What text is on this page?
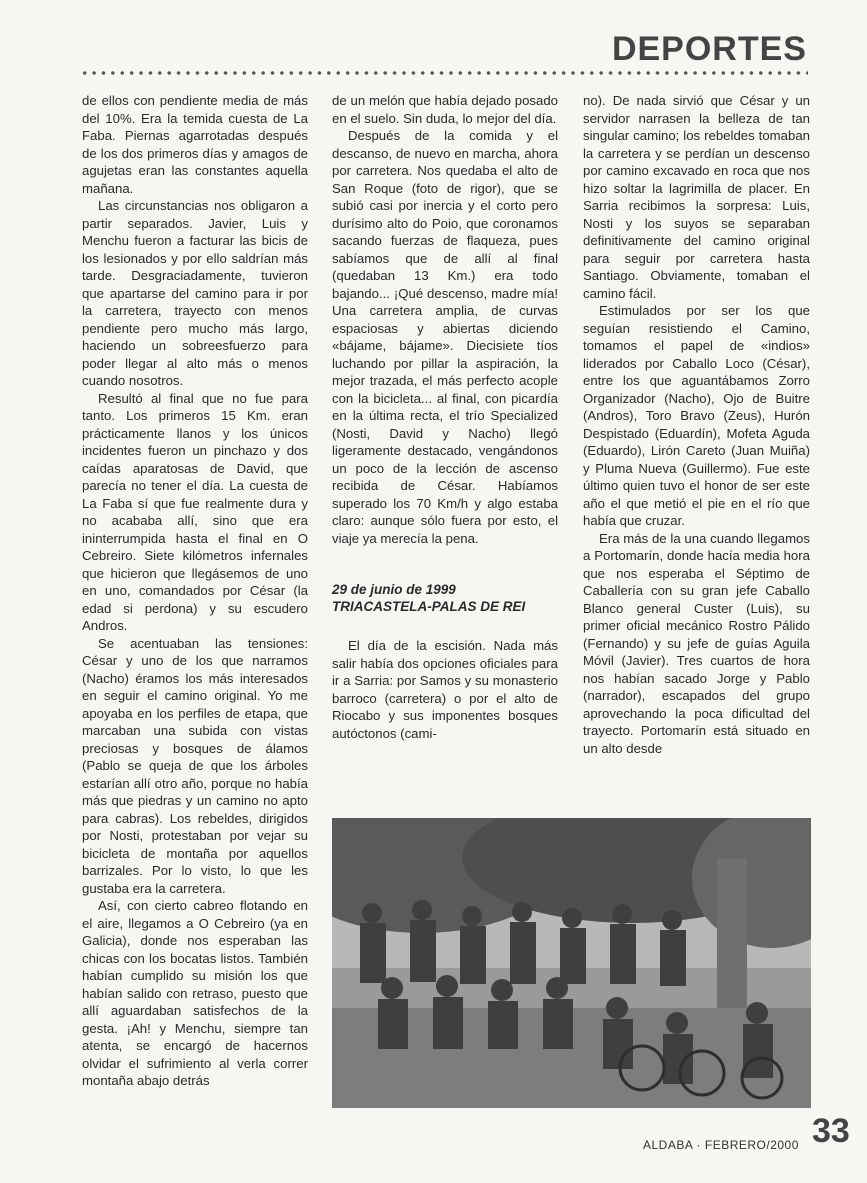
DEPORTES

de ellos con pendiente media de más del 10%. Era la temida cuesta de La Faba. Piernas agarrotadas después de los dos primeros días y amagos de agujetas eran las constantes aquella mañana.

Las circunstancias nos obligaron a partir separados. Javier, Luis y Menchu fueron a facturar las bicis de los lesionados y por ello saldrían más tarde. Desgraciadamente, tuvieron que apartarse del camino para ir por la carretera, trayecto con menos pendiente pero mucho más largo, haciendo un sobreesfuerzo para poder llegar al alto más o menos cuando nosotros.

Resultó al final que no fue para tanto. Los primeros 15 Km. eran prácticamente llanos y los únicos incidentes fueron un pinchazo y dos caídas aparatosas de David, que parecía no tener el día. La cuesta de La Faba sí que fue realmente dura y no acababa allí, sino que era ininterrumpida hasta el final en O Cebreiro. Siete kilómetros infernales que hicieron que llegásemos de uno en uno, comandados por César (la edad si perdona) y su escudero Andros.

Se acentuaban las tensiones: César y uno de los que narramos (Nacho) éramos los más interesados en seguir el camino original. Yo me apoyaba en los perfiles de etapa, que marcaban una subida con vistas preciosas y bosques de álamos (Pablo se queja de que los árboles estarían allí otro año, porque no había más que piedras y un camino no apto para cabras). Los rebeldes, dirigidos por Nosti, protestaban por vejar su bicicleta de montaña por aquellos barrizales. Por lo visto, lo que les gustaba era la carretera.

Así, con cierto cabreo flotando en el aire, llegamos a O Cebreiro (ya en Galicia), donde nos esperaban las chicas con los bocatas listos. También habían cumplido su misión los que habían salido con retraso, puesto que allí aguardaban satisfechos de la gesta. ¡Ah! y Menchu, siempre tan atenta, se encargó de hacernos olvidar el sufrimiento al verla correr montaña abajo detrás

de un melón que había dejado posado en el suelo. Sin duda, lo mejor del día.

Después de la comida y el descanso, de nuevo en marcha, ahora por carretera. Nos quedaba el alto de San Roque (foto de rigor), que se subió casi por inercia y el corto pero durísimo alto do Poio, que coronamos sacando fuerzas de flaqueza, pues sabíamos que de allí al final (quedaban 13 Km.) era todo bajando... ¡Qué descenso, madre mía! Una carretera amplia, de curvas espaciosas y abiertas diciendo «bájame, bájame». Diecisiete tíos luchando por pillar la aspiración, la mejor trazada, el más perfecto acople con la bicicleta... al final, con picardía en la última recta, el trío Specialized (Nosti, David y Nacho) llegó ligeramente destacado, vengándonos un poco de la lección de ascenso recibida de César. Habíamos superado los 70 Km/h y algo estaba claro: aunque sólo fuera por esto, el viaje ya merecía la pena.

29 de junio de 1999
TRIACASTELA-PALAS DE REI

El día de la escisión. Nada más salir había dos opciones oficiales para ir a Sarria: por Samos y su monasterio barroco (carretera) o por el alto de Riocabo y sus imponentes bosques autóctonos (cami-

no). De nada sirvió que César y un servidor narrasen la belleza de tan singular camino; los rebeldes tomaban la carretera y se perdían un descenso por camino excavado en roca que nos hizo soltar la lagrimilla de placer. En Sarria recibimos la sorpresa: Luis, Nosti y los suyos se separaban definitivamente del camino original para seguir por carretera hasta Santiago. Obviamente, tomaban el camino fácil.

Estimulados por ser los que seguían resistiendo el Camino, tomamos el papel de «indios» liderados por Caballo Loco (César), entre los que aguantábamos Zorro Organizador (Nacho), Ojo de Buitre (Andros), Toro Bravo (Zeus), Hurón Despistado (Eduardín), Mofeta Aguda (Eduardo), Lirón Careto (Juan Muiña) y Pluma Nueva (Guillermo). Fue este último quien tuvo el honor de ser este año el que metió el pie en el río que había que cruzar.

Era más de la una cuando llegamos a Portomarín, donde hacía media hora que nos esperaba el Séptimo de Caballería con su gran jefe Caballo Blanco general Custer (Luis), su primer oficial mecánico Rostro Pálido (Fernando) y su jefe de guías Aguila Móvil (Javier). Tres cuartos de hora nos habían sacado Jorge y Pablo (narrador), escapados del grupo aprovechando la poca dificultad del trayecto. Portomarín está situado en un alto desde

ALDABA · FEBRERO/2000 33
